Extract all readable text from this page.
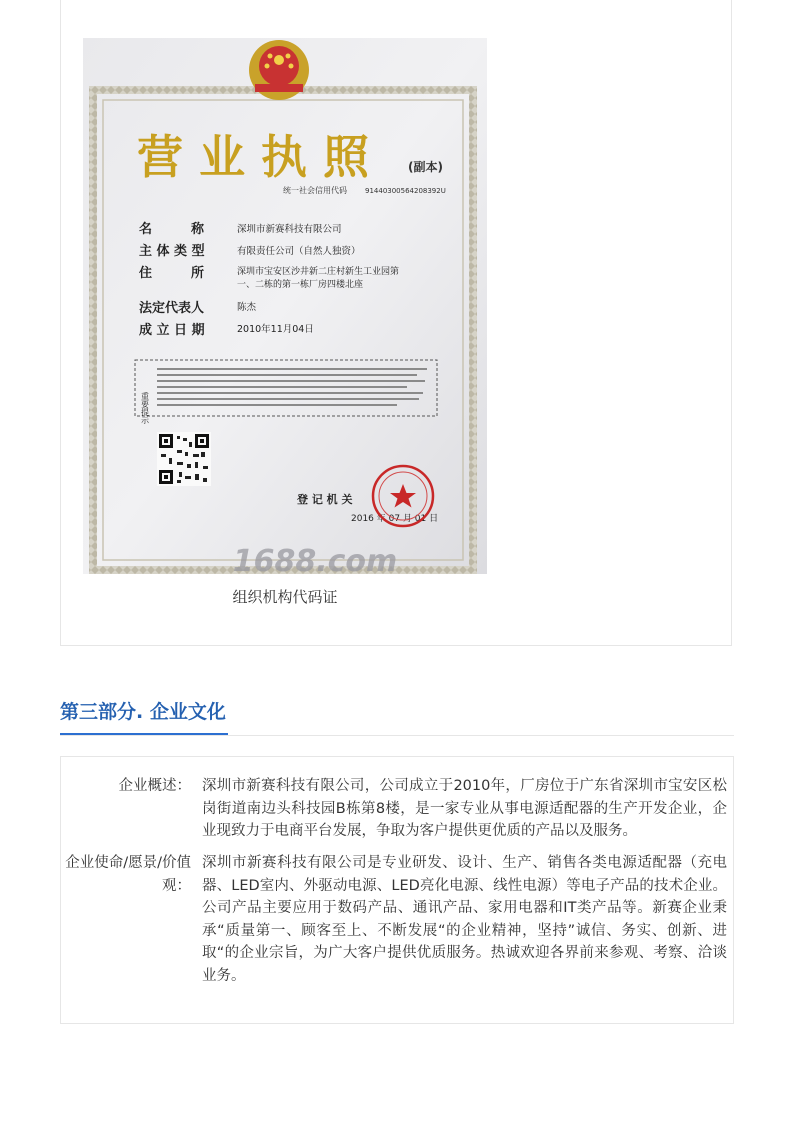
营 业 执 照	(副本)
统一社会信用代码	91440300564208392U
名　　　称	深圳市新赛科技有限公司
主 体 类 型	有限责任公司（自然人独资）
住　　　所	深圳市宝安区沙井新二庄村新生工业园第
一、二栋的第一栋厂房四楼北座
法定代表人	陈杰
成 立 日 期	2010年11月04日
重要提示
登 记 机 关
2016 年 07 月 01 日
1688.com
组织机构代码证
第三部分. 企业文化
企业概述： 深圳市新赛科技有限公司，公司成立于2010年，厂房位于广东省深圳市宝安区松岗街道南边头科技园B栋第8楼，是一家专业从事电源适配器的生产开发企业，企业现致力于电商平台发展，争取为客户提供更优质的产品以及服务。
企业使命/愿景/价值观：
深圳市新赛科技有限公司是专业研发、设计、生产、销售各类电源适配器（充电器、LED室内、外驱动电源、LED亮化电源、线性电源）等电子产品的技术企业。公司产品主要应用于数码产品、通讯产品、家用电器和IT类产品等。新赛企业秉承“质量第一、顾客至上、不断发展“的企业精神，坚持”诚信、务实、创新、进取“的企业宗旨，为广大客户提供优质服务。热诚欢迎各界前来参观、考察、洽谈业务。
